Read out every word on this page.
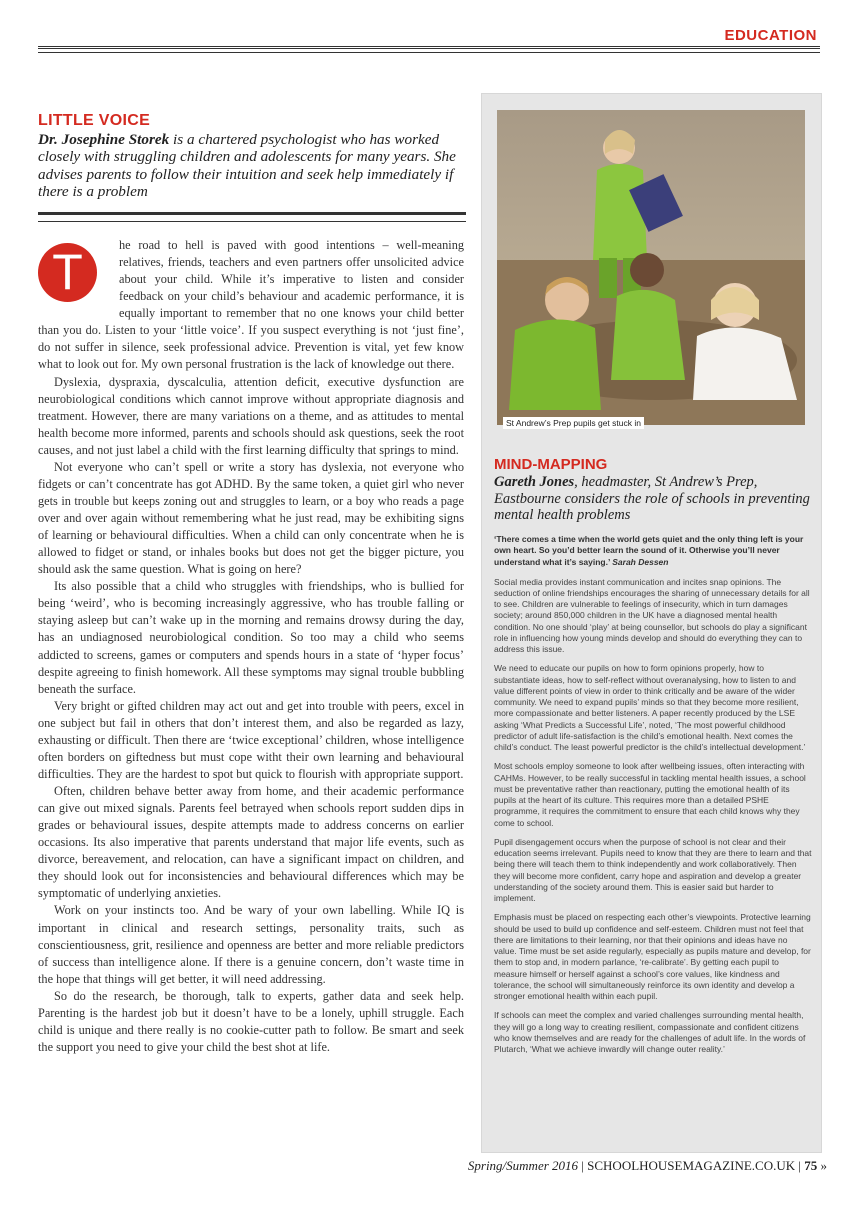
EDUCATION
LITTLE VOICE

Dr. Josephine Storek is a chartered psychologist who has worked closely with struggling children and adolescents for many years. She advises parents to follow their intuition and seek help immediately if there is a problem

T	he road to hell is paved with good intentions – well-meaning relatives, friends, teachers and even partners offer unsolicited advice about your child. While it’s imperative to listen and consider feedback on your child’s behaviour and academic performance, it is equally important to remember that no one knows your child better than you do. Listen to your ‘little voice’. If you suspect everything is not ‘just fine’, do not suffer in silence, seek professional advice. Prevention is vital, yet few know what to look out for. My own personal frustration is the lack of knowledge out there.

Dyslexia, dyspraxia, dyscalculia, attention deficit, executive dysfunction are neurobiological conditions which cannot improve without appropriate diagnosis and treatment. However, there are many variations on a theme, and as attitudes to mental health become more informed, parents and schools should ask questions, seek the root causes, and not just label a child with the first learning difficulty that springs to mind.

Not everyone who can’t spell or write a story has dyslexia, not everyone who fidgets or can’t concentrate has got ADHD. By the same token, a quiet girl who never gets in trouble but keeps zoning out and struggles to learn, or a boy who reads a page over and over again without remembering what he just read, may be exhibiting signs of learning or behavioural difficulties. When a child can only concentrate when he is allowed to fidget or stand, or inhales books but does not get the bigger picture, you should ask the same question. What is going on here?

Its also possible that a child who struggles with friendships, who is bullied for being ‘weird’, who is becoming increasingly aggressive, who has trouble falling or staying asleep but can’t wake up in the morning and remains drowsy during the day, has an undiagnosed neurobiological condition. So too may a child who seems addicted to screens, games or computers and spends hours in a state of ‘hyper focus’ despite agreeing to finish homework. All these symptoms may signal trouble bubbling beneath the surface.

Very bright or gifted children may act out and get into trouble with peers, excel in one subject but fail in others that don’t interest them, and also be regarded as lazy, exhausting or difficult. Then there are ‘twice exceptional’ children, whose intelligence often borders on giftedness but must cope witht their own learning and behavioural difficulties. They are the hardest to spot but quick to flourish with appropriate support.

Often, children behave better away from home, and their academic performance can give out mixed signals. Parents feel betrayed when schools report sudden dips in grades or behavioural issues, despite attempts made to address concerns on earlier occasions. Its also imperative that parents understand that major life events, such as divorce, bereavement, and relocation, can have a significant impact on children, and they should look out for inconsistencies and behavioural differences which may be symptomatic of underlying anxieties.

Work on your instincts too. And be wary of your own labelling. While IQ is important in clinical and research settings, personality traits, such as conscientiousness, grit, resilience and openness are better and more reliable predictors of success than intelligence alone. If there is a genuine concern, don’t waste time in the hope that things will get better, it will need addressing.

So do the research, be thorough, talk to experts, gather data and seek help. Parenting is the hardest job but it doesn’t have to be a lonely, uphill struggle. Each child is unique and there really is no cookie-cutter path to follow. Be smart and seek the support you need to give your child the best shot at life.

St Andrew’s Prep pupils get stuck in
MIND-MAPPING

Gareth Jones, headmaster, St Andrew’s Prep, Eastbourne considers the role of schools in preventing mental health problems

‘There comes a time when the world gets quiet and the only thing left is your own heart. So you’d better learn the sound of it. Otherwise you’ll never understand what it’s saying.’ Sarah Dessen

Social media provides instant communication and incites snap opinions. The seduction of online friendships encourages the sharing of unnecessary details for all to see. Children are vulnerable to feelings of insecurity, which in turn damages society; around 850,000 children in the UK have a diagnosed mental health condition. No one should ‘play’ at being counsellor, but schools do play a significant role in influencing how young minds develop and should do everything they can to address this issue.

We need to educate our pupils on how to form opinions properly, how to substantiate ideas, how to self-reflect without overanalysing, how to listen to and value different points of view in order to think critically and be aware of the wider community. We need to expand pupils’ minds so that they become more resilient, more compassionate and better listeners. A paper recently produced by the LSE asking ‘What Predicts a Successful Life’, noted, ‘The most powerful childhood predictor of adult life-satisfaction is the child’s emotional health. Next comes the child’s conduct. The least powerful predictor is the child’s intellectual development.’

Most schools employ someone to look after wellbeing issues, often interacting with CAHMs. However, to be really successful in tackling mental health issues, a school must be preventative rather than reactionary, putting the emotional health of its pupils at the heart of its culture. This requires more than a detailed PSHE programme, it requires the commitment to ensure that each child knows why they come to school.

Pupil disengagement occurs when the purpose of school is not clear and their education seems irrelevant. Pupils need to know that they are there to learn and that being there will teach them to think independently and work collaboratively. Then they will become more confident, carry hope and aspiration and develop a greater understanding of the society around them. This is easier said but harder to implement.

Emphasis must be placed on respecting each other’s viewpoints. Protective learning should be used to build up confidence and self-esteem. Children must not feel that there are limitations to their learning, nor that their opinions and ideas have no value. Time must be set aside regularly, especially as pupils mature and develop, for them to stop and, in modern parlance, ‘re-calibrate’. By getting each pupil to measure himself or herself against a school’s core values, like kindness and tolerance, the school will simultaneously reinforce its own identity and develop a stronger emotional health within each pupil.

If schools can meet the complex and varied challenges surrounding mental health, they will go a long way to creating resilient, compassionate and confident citizens who know themselves and are ready for the challenges of adult life. In the words of Plutarch, ‘What we achieve inwardly will change outer reality.’

Spring/Summer 2016 | SCHOOLHOUSEMAGAZINE.CO.UK | 75 »
